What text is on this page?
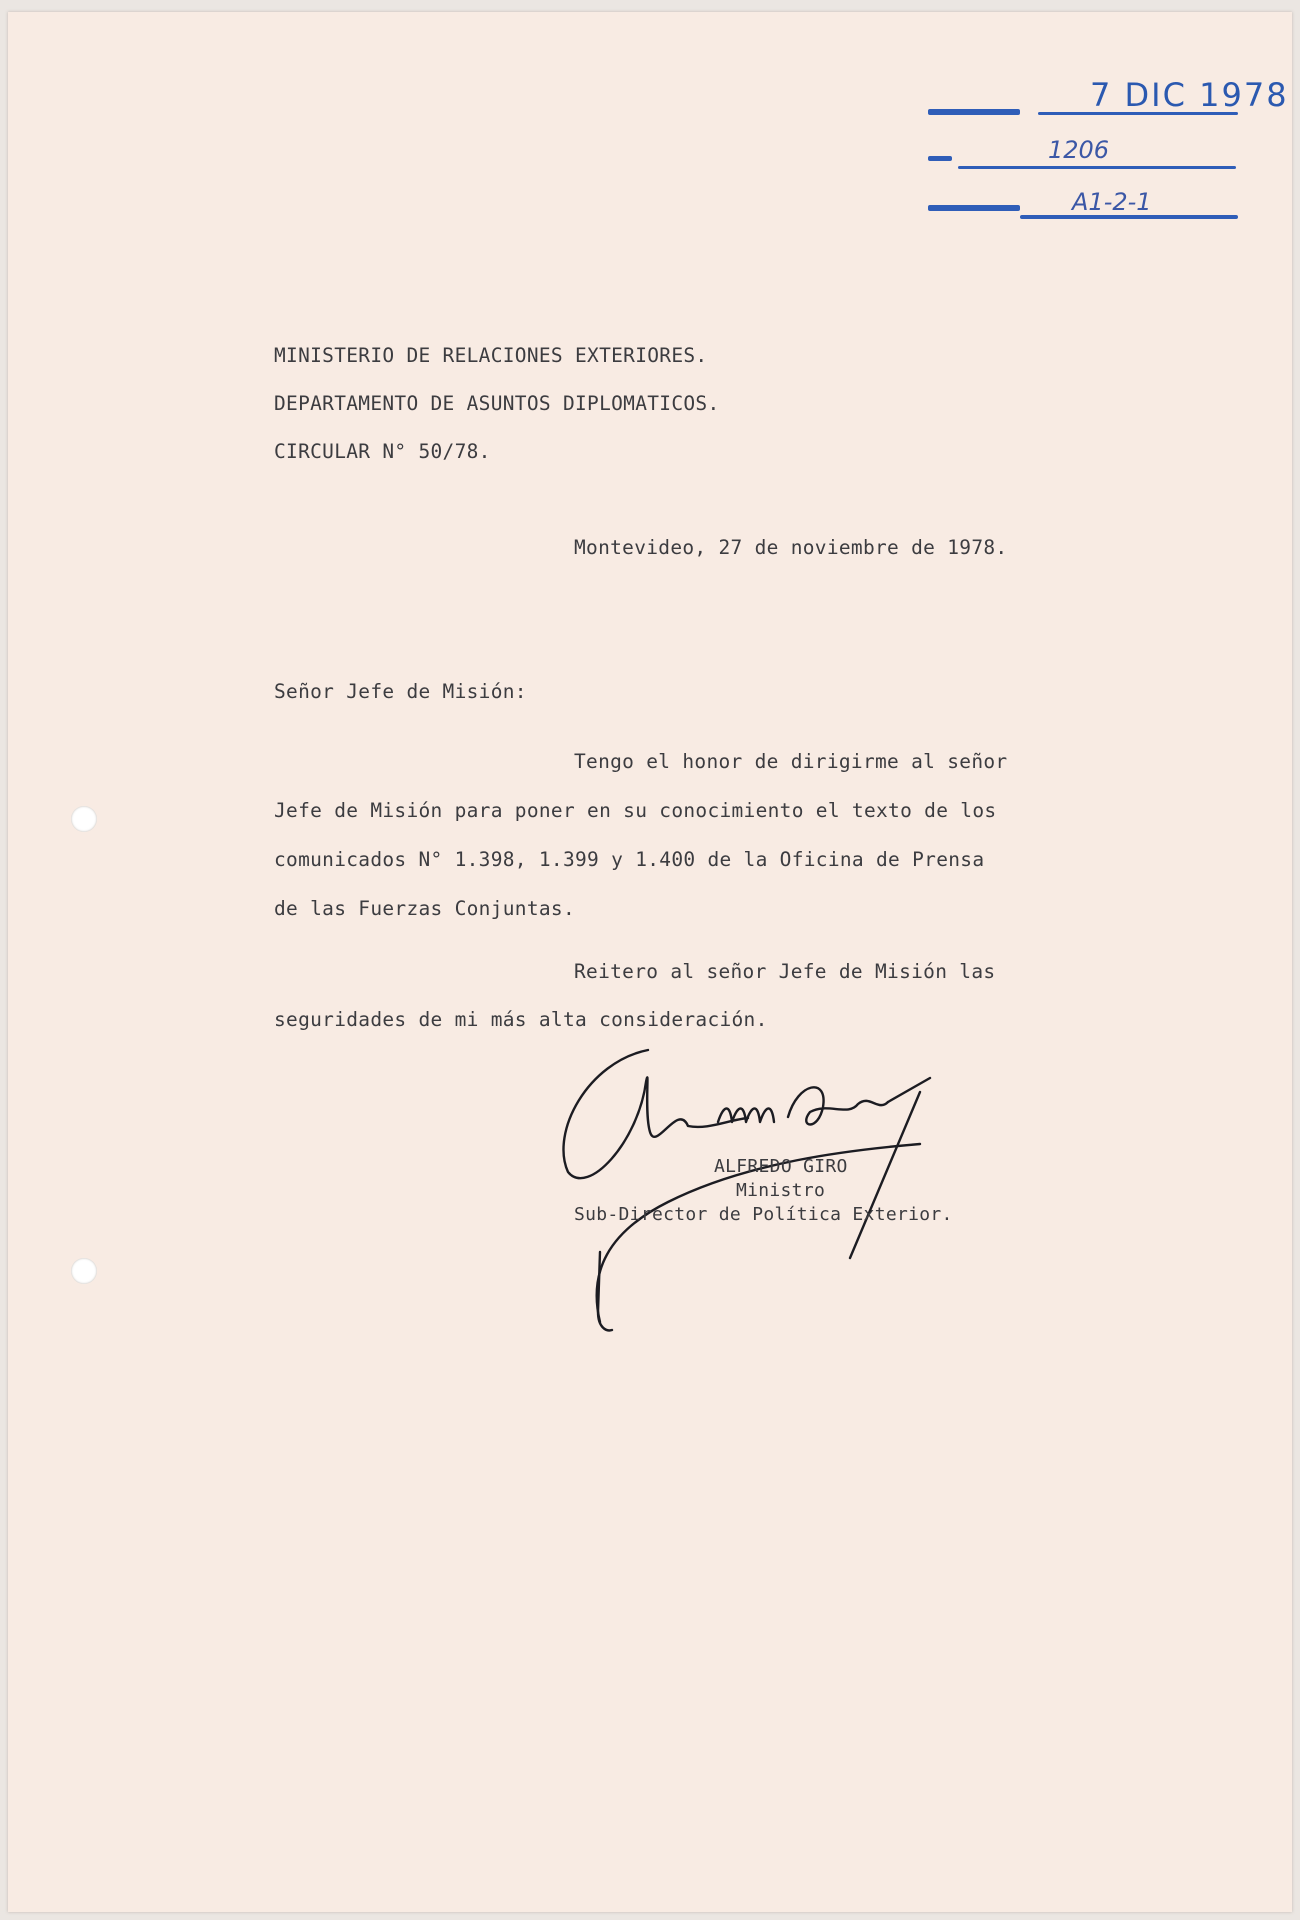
7 DIC 1978
1206
A1-2-1
MINISTERIO DE RELACIONES EXTERIORES.
DEPARTAMENTO DE ASUNTOS DIPLOMATICOS.
CIRCULAR N° 50/78.
Montevideo, 27 de noviembre de 1978.
Señor Jefe de Misión:
Tengo el honor de dirigirme al señor
Jefe de Misión para poner en su conocimiento el texto de los
comunicados N° 1.398, 1.399 y 1.400 de la Oficina de Prensa
de las Fuerzas Conjuntas.
Reitero al señor Jefe de Misión las
seguridades de mi más alta consideración.
ALFREDO GIRO
Ministro
Sub-Director de Política Exterior.
